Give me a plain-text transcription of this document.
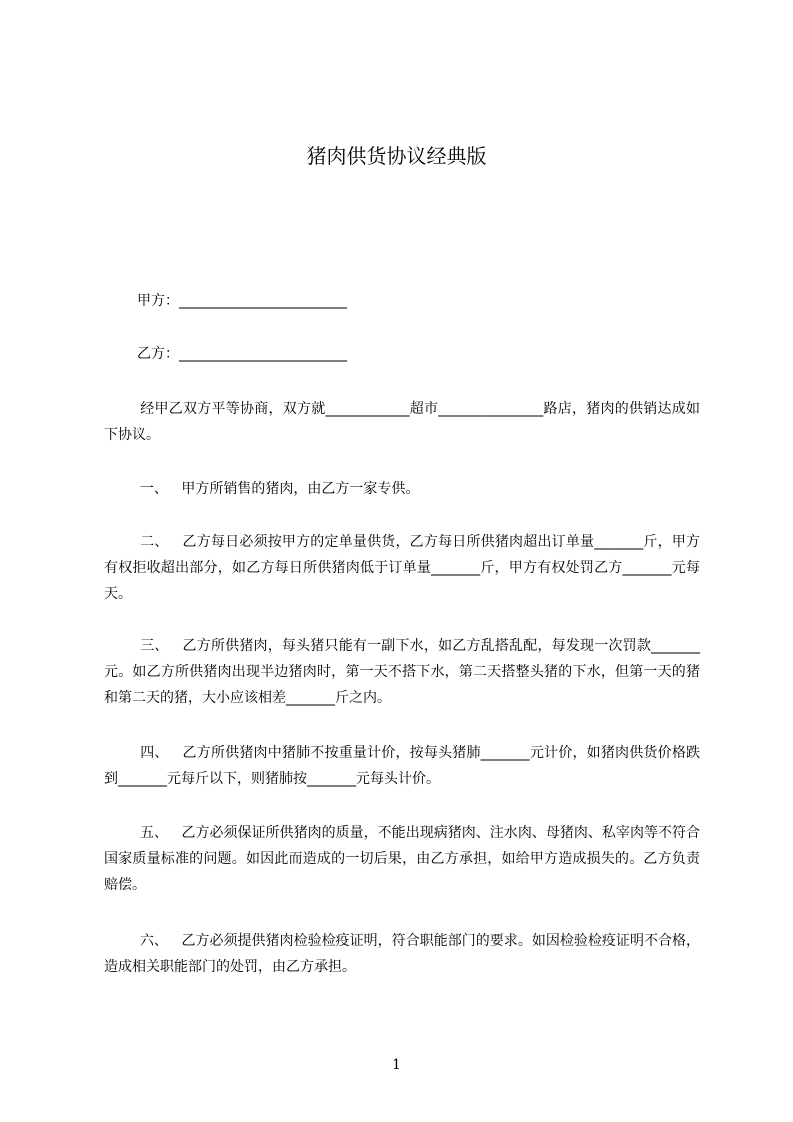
猪肉供货协议经典版
甲方：________________________
乙方：________________________

经甲乙双方平等协商，双方就____________超市_______________路店，猪肉的供销达成如下协议。

一、 甲方所销售的猪肉，由乙方一家专供。

二、 乙方每日必须按甲方的定单量供货，乙方每日所供猪肉超出订单量_______斤，甲方有权拒收超出部分，如乙方每日所供猪肉低于订单量_______斤，甲方有权处罚乙方_______元每天。

三、 乙方所供猪肉，每头猪只能有一副下水，如乙方乱搭乱配，每发现一次罚款_______元。如乙方所供猪肉出现半边猪肉时，第一天不搭下水，第二天搭整头猪的下水，但第一天的猪和第二天的猪，大小应该相差_______斤之内。

四、 乙方所供猪肉中猪肺不按重量计价，按每头猪肺_______元计价，如猪肉供货价格跌到_______元每斤以下，则猪肺按_______元每头计价。

五、 乙方必须保证所供猪肉的质量，不能出现病猪肉、注水肉、母猪肉、私宰肉等不符合国家质量标准的问题。如因此而造成的一切后果，由乙方承担，如给甲方造成损失的。乙方负责赔偿。

六、 乙方必须提供猪肉检验检疫证明，符合职能部门的要求。如因检验检疫证明不合格，造成相关职能部门的处罚，由乙方承担。

1
